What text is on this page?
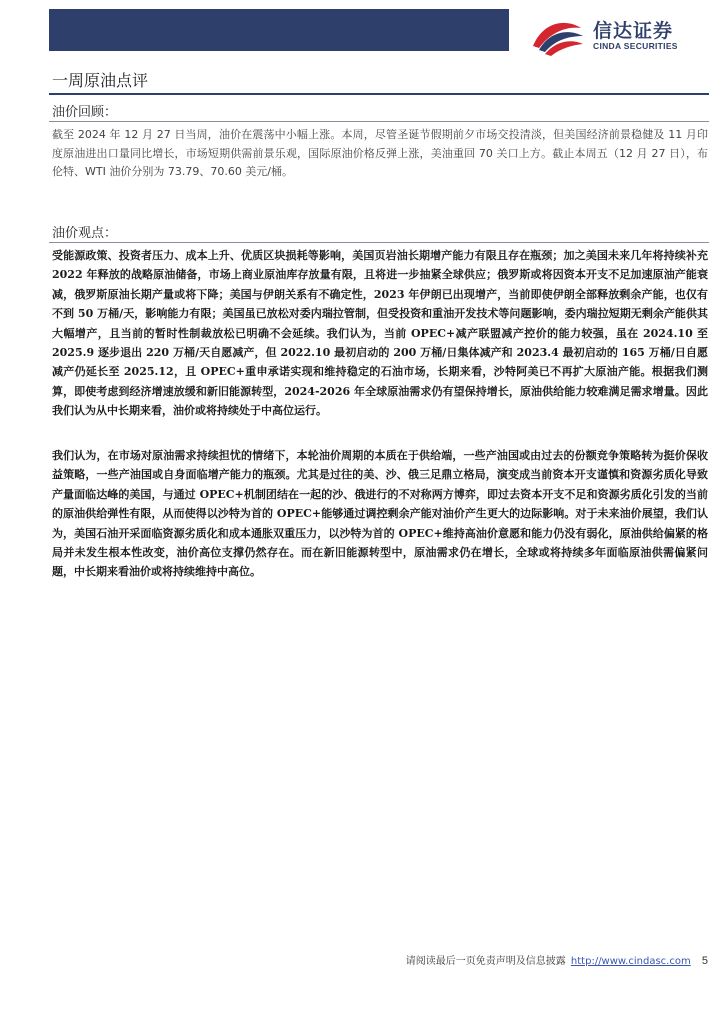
信达证券
CINDA SECURITIES
一周原油点评
油价回顾：

截至 2024 年 12 月 27 日当周，油价在震荡中小幅上涨。本周，尽管圣诞节假期前夕市场交投清淡，但美国经济前景稳健及 11 月印度原油进出口量同比增长，市场短期供需前景乐观，国际原油价格反弹上涨，美油重回 70 关口上方。截止本周五（12 月 27 日），布伦特、WTI 油价分别为 73.79、70.60 美元/桶。

油价观点：

受能源政策、投资者压力、成本上升、优质区块损耗等影响，美国页岩油长期增产能力有限且存在瓶颈；加之美国未来几年将持续补充 2022 年释放的战略原油储备，市场上商业原油库存放量有限，且将进一步抽紧全球供应；俄罗斯或将因资本开支不足加速原油产能衰减，俄罗斯原油长期产量或将下降；美国与伊朗关系有不确定性，2023 年伊朗已出现增产，当前即使伊朗全部释放剩余产能，也仅有不到 50 万桶/天，影响能力有限；美国虽已放松对委内瑞拉管制，但受投资和重油开发技术等问题影响，委内瑞拉短期无剩余产能供其大幅增产，且当前的暂时性制裁放松已明确不会延续。我们认为，当前 OPEC+减产联盟减产控价的能力较强，虽在 2024.10 至 2025.9 逐步退出 220 万桶/天自愿减产，但 2022.10 最初启动的 200 万桶/日集体减产和 2023.4 最初启动的 165 万桶/日自愿减产仍延长至 2025.12，且 OPEC+重申承诺实现和维持稳定的石油市场，长期来看，沙特阿美已不再扩大原油产能。根据我们测算，即使考虑到经济增速放缓和新旧能源转型，2024-2026 年全球原油需求仍有望保持增长，原油供给能力较难满足需求增量。因此我们认为从中长期来看，油价或将持续处于中高位运行。

我们认为，在市场对原油需求持续担忧的情绪下，本轮油价周期的本质在于供给端，一些产油国或由过去的份额竞争策略转为挺价保收益策略，一些产油国或自身面临增产能力的瓶颈。尤其是过往的美、沙、俄三足鼎立格局，演变成当前资本开支谨慎和资源劣质化导致产量面临达峰的美国，与通过 OPEC+机制团结在一起的沙、俄进行的不对称两方博弈，即过去资本开支不足和资源劣质化引发的当前的原油供给弹性有限，从而使得以沙特为首的 OPEC+能够通过调控剩余产能对油价产生更大的边际影响。对于未来油价展望，我们认为，美国石油开采面临资源劣质化和成本通胀双重压力，以沙特为首的 OPEC+维持高油价意愿和能力仍没有弱化，原油供给偏紧的格局并未发生根本性改变，油价高位支撑仍然存在。而在新旧能源转型中，原油需求仍在增长，全球或将持续多年面临原油供需偏紧问题，中长期来看油价或将持续维持中高位。

请阅读最后一页免责声明及信息披露 http://www.cindasc.com 5
